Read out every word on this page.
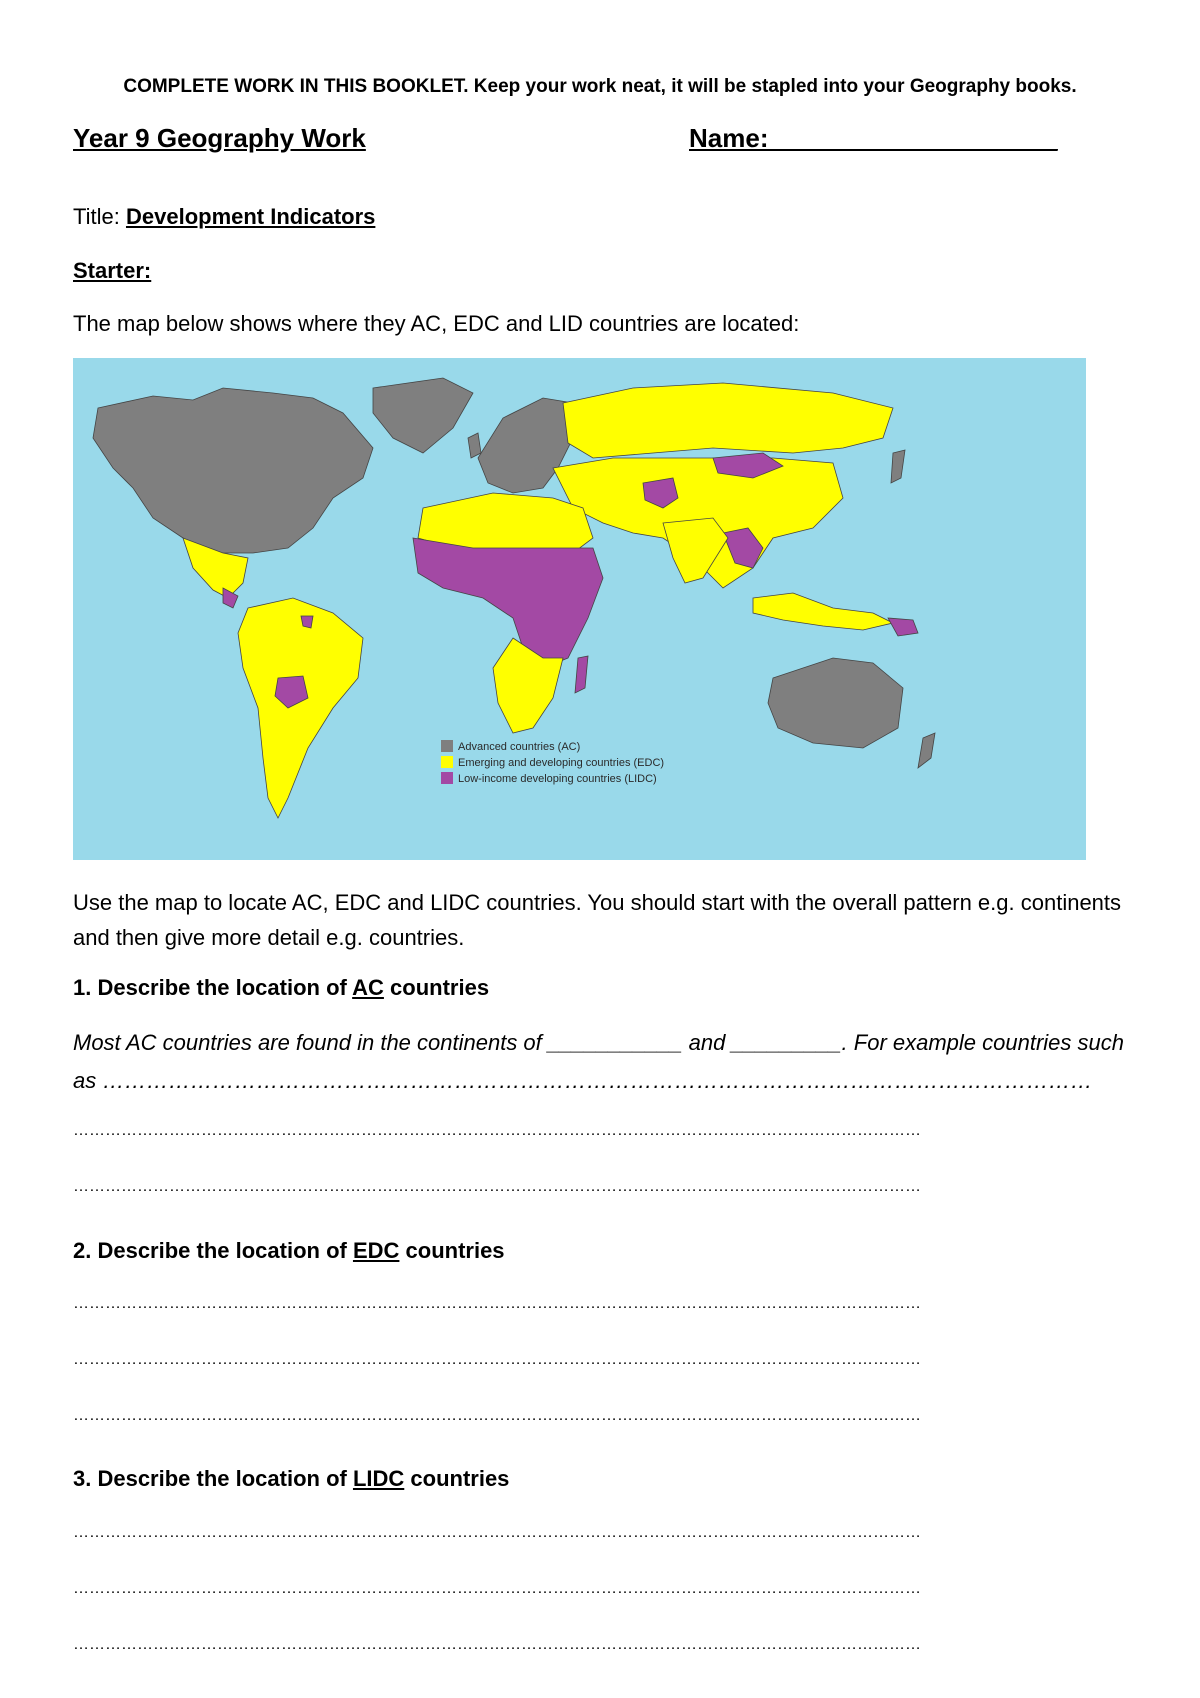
COMPLETE WORK IN THIS BOOKLET. Keep your work neat, it will be stapled into your Geography books.
Year 9 Geography Work	Name:____________________
Title: Development Indicators
Starter:
The map below shows where they AC, EDC and LID countries are located:
Advanced countries (AC)
Emerging and developing countries (EDC)
Low-income developing countries (LIDC)
Use the map to locate AC, EDC and LIDC countries. You should start with the overall pattern e.g. continents and then give more detail e.g. countries.
1. Describe the location of AC countries
Most AC countries are found in the continents of ___________ and _________. For example countries such as ………………………………………………………………………………………………………………………
……………………………………………………………………………………………………………………………………………
……………………………………………………………………………………………………………………………………………
2. Describe the location of EDC countries
……………………………………………………………………………………………………………………………………………
……………………………………………………………………………………………………………………………………………
……………………………………………………………………………………………………………………………………………
3. Describe the location of LIDC countries
……………………………………………………………………………………………………………………………………………
……………………………………………………………………………………………………………………………………………
……………………………………………………………………………………………………………………………………………
